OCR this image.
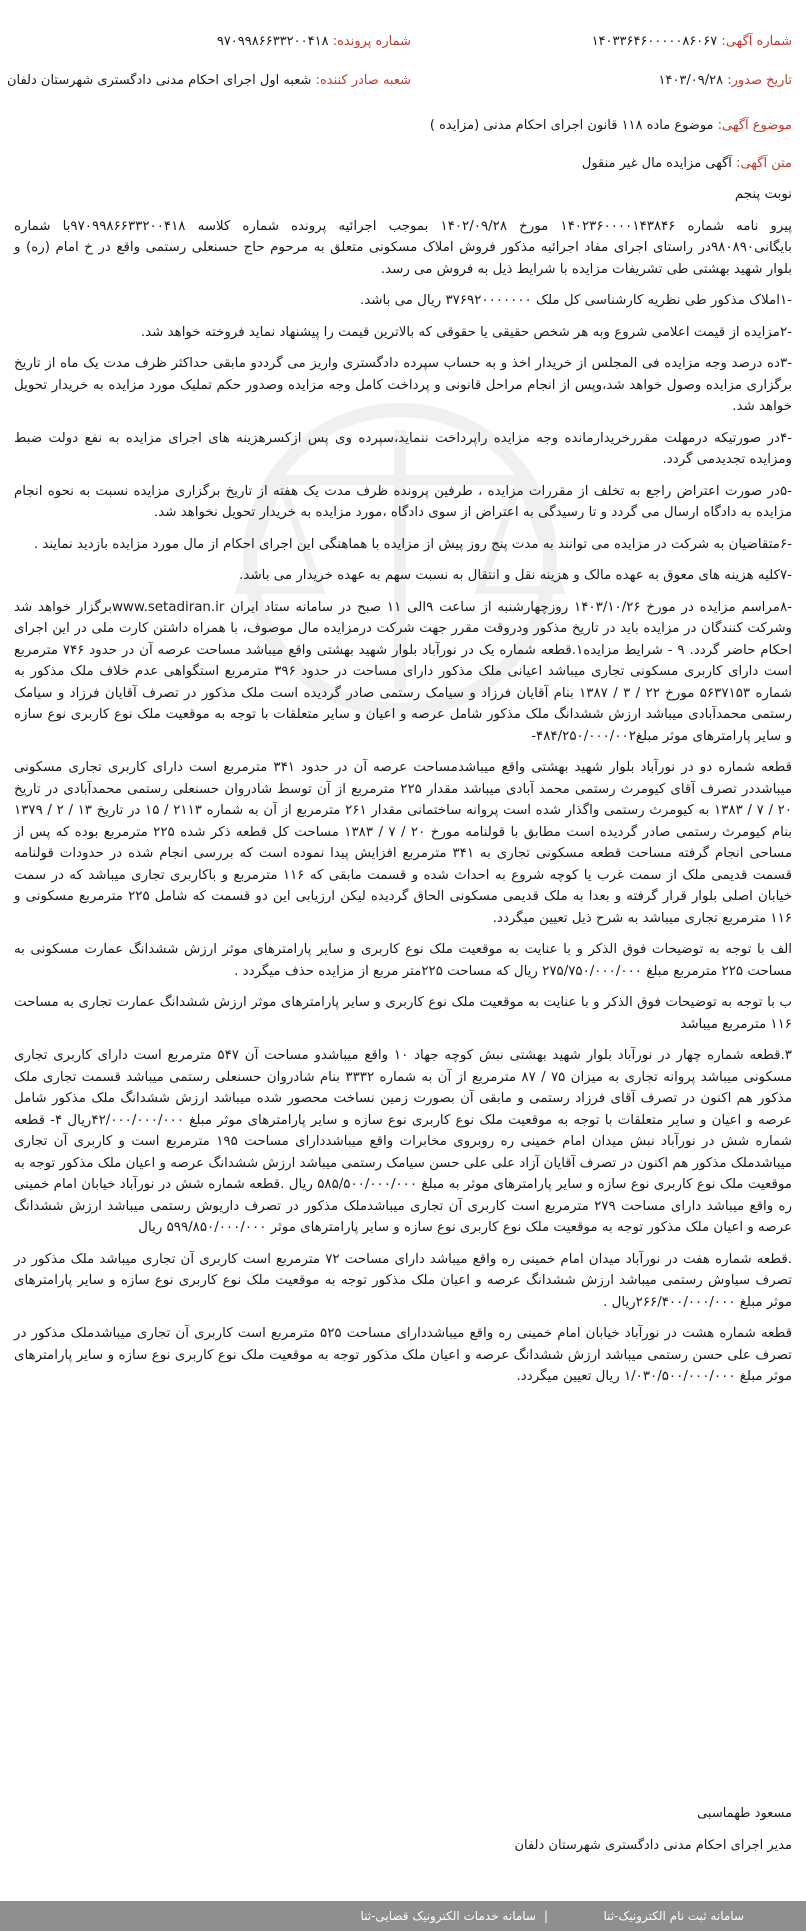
شماره آگهی: ۱۴۰۳۳۶۴۶۰۰۰۰۰۸۶۰۶۷
شماره پرونده: ۹۷۰۹۹۸۶۶۳۳۲۰۰۴۱۸
تاریخ صدور: ۱۴۰۳/۰۹/۲۸
شعبه صادر کننده: شعبه اول اجرای احکام مدنی دادگستری شهرستان دلفان
موضوع آگهی: موضوع ماده ۱۱۸ قانون اجرای احکام مدنی (مزایده )
متن آگهی: آگهی مزایده مال غیر منقول

نوبت پنجم

پیرو نامه شماره ۱۴۰۲۳۶۰۰۰۰۱۴۳۸۴۶ مورخ ۱۴۰۲/۰۹/۲۸ بموجب اجرائیه پرونده شماره کلاسه ۹۷۰۹۹۸۶۶۳۳۲۰۰۴۱۸با شماره بایگانی۹۸۰۸۹۰در راستای اجرای مفاد اجرائیه مذکور فروش املاک مسکونی متعلق به مرحوم حاج حسنعلی رستمی واقع در خ امام (ره) و بلوار شهید بهشتی طی تشریفات مزایده با شرایط ذیل به فروش می رسد.

-۱املاک مذکور طی نظریه کارشناسی کل ملک ۳۷۶۹۲۰۰۰۰۰۰۰ ریال می باشد.

-۲مزایده از قیمت اعلامی شروع وبه هر شخص حقیقی یا حقوقی که بالاترین قیمت را پیشنهاد نماید فروخته خواهد شد.

-۳ده درصد وجه مزایده فی المجلس از خریدار اخذ و به حساب سپرده دادگستری واریز می گرددو مابقی حداکثر ظرف مدت یک ماه از تاریخ برگزاری مزایده وصول خواهد شد،وپس از انجام مراحل قانونی و پرداخت کامل وجه مزایده وصدور حکم تملیک مورد مزایده به خریدار تحویل خواهد شد.

-۴در صورتیکه درمهلت مقررخریدارمانده وجه مزایده راپرداخت ننماید،سپرده وی پس ازکسرهزینه های اجرای مزایده به نفع دولت ضبط ومزایده تجدیدمی گردد.

-۵در صورت اعتراض راجع به تخلف از مقررات مزایده ، طرفین پرونده ظرف مدت یک هفته از تاریخ برگزاری مزایده نسبت به نحوه انجام مزایده به دادگاه ارسال می گردد و تا رسیدگی به اعتراض از سوی دادگاه ،مورد مزایده به خریدار تحویل نخواهد شد.

-۶متقاضیان به شرکت در مزایده می توانند به مدت پنج روز پیش از مزایده با هماهنگی این اجرای احکام از مال مورد مزایده بازدید نمایند .

-۷کلیه هزینه های معوق به عهده مالک و هزینه نقل و انتقال به نسبت سهم به عهده خریدار می باشد.

-۸مراسم مزایده در مورخ ۱۴۰۳/۱۰/۲۶ روزچهارشنبه از ساعت ۹الی ۱۱ صبح در سامانه ستاد ایران www.setadiran.irبرگزار خواهد شد وشرکت کنندگان در مزایده باید در تاریخ مذکور ودروقت مقرر جهت شرکت درمزایده مال موصوف، با همراه داشتن کارت ملی در این اجرای احکام حاضر گردد. ۹ - شرایط مزایده۱.قطعه شماره یک در نورآباد بلوار شهید بهشتی واقع میباشد مساحت عرصه آن در حدود ۷۴۶ مترمربع است دارای کاربری مسکونی تجاری میباشد اعیانی ملک مذکور دارای مساحت در حدود ۳۹۶ مترمربع استگواهی عدم خلاف ملک مذکور به شماره ۵۶۳۷۱۵۳ مورخ ۲۲ / ۳ / ۱۳۸۷ بنام آقایان فرزاد و سیامک رستمی صادر گردیده است ملک مذکور در تصرف آقایان فرزاد و سیامک رستمی محمدآبادی میباشد ارزش ششدانگ ملک مذکور شامل عرصه و اعیان و سایر متعلقات با توجه به موقعیت ملک نوع کاربری نوع سازه و سایر پارامترهای موثر مبلغ۴۸۴/۲۵۰/۰۰۰/۰۰۲-

قطعه شماره دو در نورآباد بلوار شهید بهشتی واقع میباشدمساحت عرصه آن در حدود ۳۴۱ مترمربع است دارای کاربری تجاری مسکونی میباشددر تصرف آقای کیومرث رستمی محمد آبادی میباشد مقدار ۲۲۵ مترمربع از آن توسط شادروان حسنعلی رستمی محمدآبادی در تاریخ ۲۰ / ۷ / ۱۳۸۳ به کیومرث رستمی واگذار شده است پروانه ساختمانی مقدار ۲۶۱ مترمربع از آن به شماره ۲۱۱۳ / ۱۵ در تاریخ ۱۳ / ۲ / ۱۳۷۹ بنام کیومرث رستمی صادر گردیده است مطابق با قولنامه مورخ ۲۰ / ۷ / ۱۳۸۳ مساحت کل قطعه ذکر شده ۲۲۵ مترمربع بوده که پس از مساحی انجام گرفته مساحت قطعه مسکونی تجاری به ۳۴۱ مترمربع افزایش پیدا نموده است که بررسی انجام شده در حدودات قولنامه قسمت قدیمی ملک از سمت غرب یا کوچه شروع به احداث شده و قسمت مابقی که ۱۱۶ مترمربع و باکاربری تجاری میباشد که در سمت خیابان اصلی بلوار قرار گرفته و بعدا به ملک قدیمی مسکونی الحاق گردیده لیکن ارزیابی این دو قسمت که شامل ۲۲۵ مترمربع مسکونی و ۱۱۶ مترمربع تجاری میباشد به شرح ذیل تعیین میگردد.

الف با توجه به توضیحات فوق الذکر و با عنایت به موقعیت ملک نوع کاربری و سایر پارامترهای موثر ارزش ششدانگ عمارت مسکونی به مساحت ۲۲۵ مترمربع مبلغ ۲۷۵/۷۵۰/۰۰۰/۰۰۰ ریال که مساحت ۲۲۵متر مربع از مزایده حذف میگردد .

ب با توجه به توضیحات فوق الذکر و با عنایت به موقعیت ملک نوع کاربری و سایر پارامترهای موثر ارزش ششدانگ عمارت تجاری به مساحت ۱۱۶ مترمربع میباشد

۳.قطعه شماره چهار در نورآباد بلوار شهید بهشتی نبش کوچه جهاد ۱۰ واقع میباشدو مساحت آن ۵۴۷ مترمربع است دارای کاربری تجاری مسکونی میباشد پروانه تجاری به میزان ۷۵ / ۸۷ مترمربع از آن به شماره ۳۳۳۲ بنام شادروان حسنعلی رستمی میباشد قسمت تجاری ملک مذکور هم اکنون در تصرف آقای فرزاد رستمی و مابقی آن بصورت زمین نساخت محصور شده میباشد ارزش ششدانگ ملک مذکور شامل عرصه و اعیان و سایر متعلقات با توجه به موقعیت ملک نوع کاربری نوع سازه و سایر پارامترهای موثر مبلغ ۴۲/۰۰۰/۰۰۰/۰۰۰ریال ۴- قطعه شماره شش در نورآباد نبش میدان امام خمینی ره روبروی مخابرات واقع میباشددارای مساحت ۱۹۵ مترمربع است و کاربری آن تجاری میباشدملک مذکور هم اکنون در تصرف آقایان آزاد علی علی حسن سیامک رستمی میباشد ارزش ششدانگ عرصه و اعیان ملک مذکور توجه به موقعیت ملک نوع کاربری نوع سازه و سایر پارامترهای موثر به مبلغ ۵۸۵/۵۰۰/۰۰۰/۰۰۰ ریال .قطعه شماره شش در نورآباد خیابان امام خمینی ره واقع میباشد دارای مساحت ۲۷۹ مترمربع است کاربری آن تجاری میباشدملک مذکور در تصرف داریوش رستمی میباشد ارزش ششدانگ عرصه و اعیان ملک مذکور توجه به موقعیت ملک نوع کاربری نوع سازه و سایر پارامترهای موثر ۵۹۹/۸۵۰/۰۰۰/۰۰۰ ریال

.قطعه شماره هفت در نورآباد میدان امام خمینی ره واقع میباشد دارای مساحت ۷۲ مترمربع است کاربری آن تجاری میباشد ملک مذکور در تصرف سیاوش رستمی میباشد ارزش ششدانگ عرصه و اعیان ملک مذکور توجه به موقعیت ملک نوع کاربری نوع سازه و سایر پارامترهای موثر مبلغ ۲۶۶/۴۰۰/۰۰۰/۰۰۰ریال .

قطعه شماره هشت در نورآباد خیابان امام خمینی ره واقع میباشددارای مساحت ۵۲۵ مترمربع است کاربری آن تجاری میباشدملک مذکور در تصرف علی حسن رستمی میباشد ارزش ششدانگ عرصه و اعیان ملک مذکور توجه به موقعیت ملک نوع کاربری نوع سازه و سایر پارامترهای موثر مبلغ ۱/۰۳۰/۵۰۰/۰۰۰/۰۰۰ ریال تعیین میگردد.

مسعود طهماسبی
مدیر اجرای احکام مدنی دادگستری شهرستان دلفان
سامانه خدمات الکترونیک قضایی-ثنا |	سامانه ثبت نام الکترونیک-ثنا
